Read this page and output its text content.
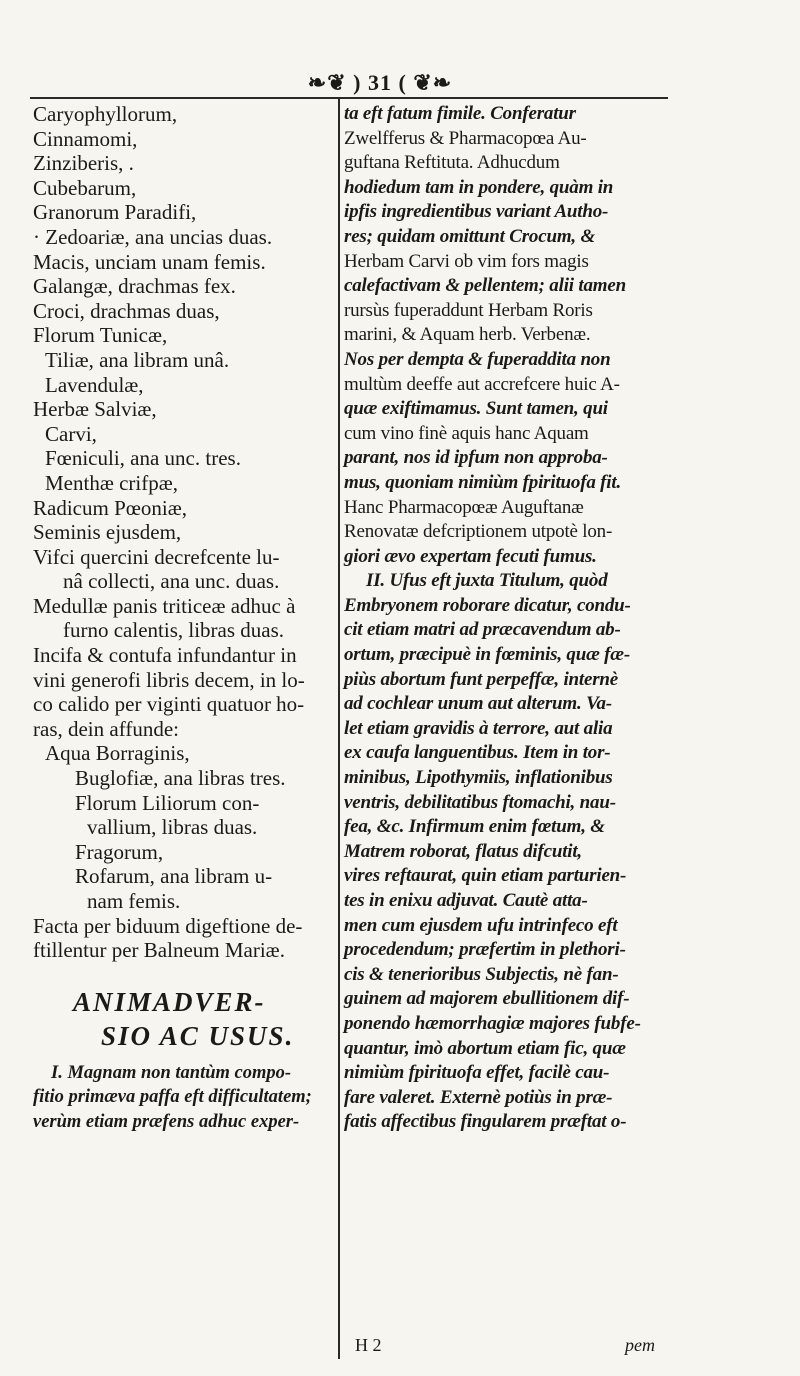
❧❦ ) 31 ( ❦❧
Caryophyllorum,
Cinnamomi,
Zinziberis, .
Cubebarum,
Granorum Paradifi,
· Zedoariæ, ana uncias duas.
Macis, unciam unam femis.
Galangæ, drachmas fex.
Croci, drachmas duas,
Florum Tunicæ,
Tiliæ, ana libram unâ.
Lavendulæ,
Herbæ Salviæ,
Carvi,
Fœniculi, ana unc. tres.
Menthæ crifpæ,
Radicum Pœoniæ,
Seminis ejusdem,
Vifci quercini decrefcente lu-
nâ collecti, ana unc. duas.
Medullæ panis triticeæ adhuc à
furno calentis, libras duas.
Incifa & contufa infundantur in
vini generofi libris decem, in lo-
co calido per viginti quatuor ho-
ras, dein affunde:
Aqua Borraginis,
Buglofiæ, ana libras tres.
Florum Liliorum con-
vallium, libras duas.
Fragorum,
Rofarum, ana libram u-
nam femis.
Facta per biduum digeftione de-
ftillentur per Balneum Mariæ.
ANIMADVER-
SIO AC USUS.
I. Magnam non tantùm compo-
fitio primæva paffa eft difficultatem;
verùm etiam præfens adhuc exper-
ta eft fatum fimile. Conferatur
Zwelfferus & Pharmacopœa Au-
guftana Reftituta. Adhucdum
hodiedum tam in pondere, quàm in
ipfis ingredientibus variant Autho-
res; quidam omittunt Crocum, &
Herbam Carvi ob vim fors magis
calefactivam & pellentem; alii tamen
rursùs fuperaddunt Herbam Roris
marini, & Aquam herb. Verbenæ.
Nos per dempta & fuperaddita non
multùm deeffe aut accrefcere huic A-
quæ exiftimamus. Sunt tamen, qui
cum vino finè aquis hanc Aquam
parant, nos id ipfum non approba-
mus, quoniam nimiùm fpirituofa fit.
Hanc Pharmacopœæ Auguftanæ
Renovatæ defcriptionem utpotè lon-
giori ævo expertam fecuti fumus.
II. Ufus eft juxta Titulum, quòd
Embryonem roborare dicatur, condu-
cit etiam matri ad præcavendum ab-
ortum, præcipuè in fœminis, quæ fæ-
piùs abortum funt perpeffæ, internè
ad cochlear unum aut alterum. Va-
let etiam gravidis à terrore, aut alia
ex caufa languentibus. Item in tor-
minibus, Lipothymiis, inflationibus
ventris, debilitatibus ftomachi, nau-
fea, &c. Infirmum enim fœtum, &
Matrem roborat, flatus difcutit,
vires reftaurat, quin etiam parturien-
tes in enixu adjuvat. Cautè atta-
men cum ejusdem ufu intrinfeco eft
procedendum; præfertim in plethori-
cis & tenerioribus Subjectis, nè fan-
guinem ad majorem ebullitionem dif-
ponendo hæmorrhagiæ majores fubfe-
quantur, imò abortum etiam fic, quæ
nimiùm fpirituofa effet, facilè cau-
fare valeret. Externè potiùs in præ-
fatis affectibus fingularem præftat o-
H 2	pem
